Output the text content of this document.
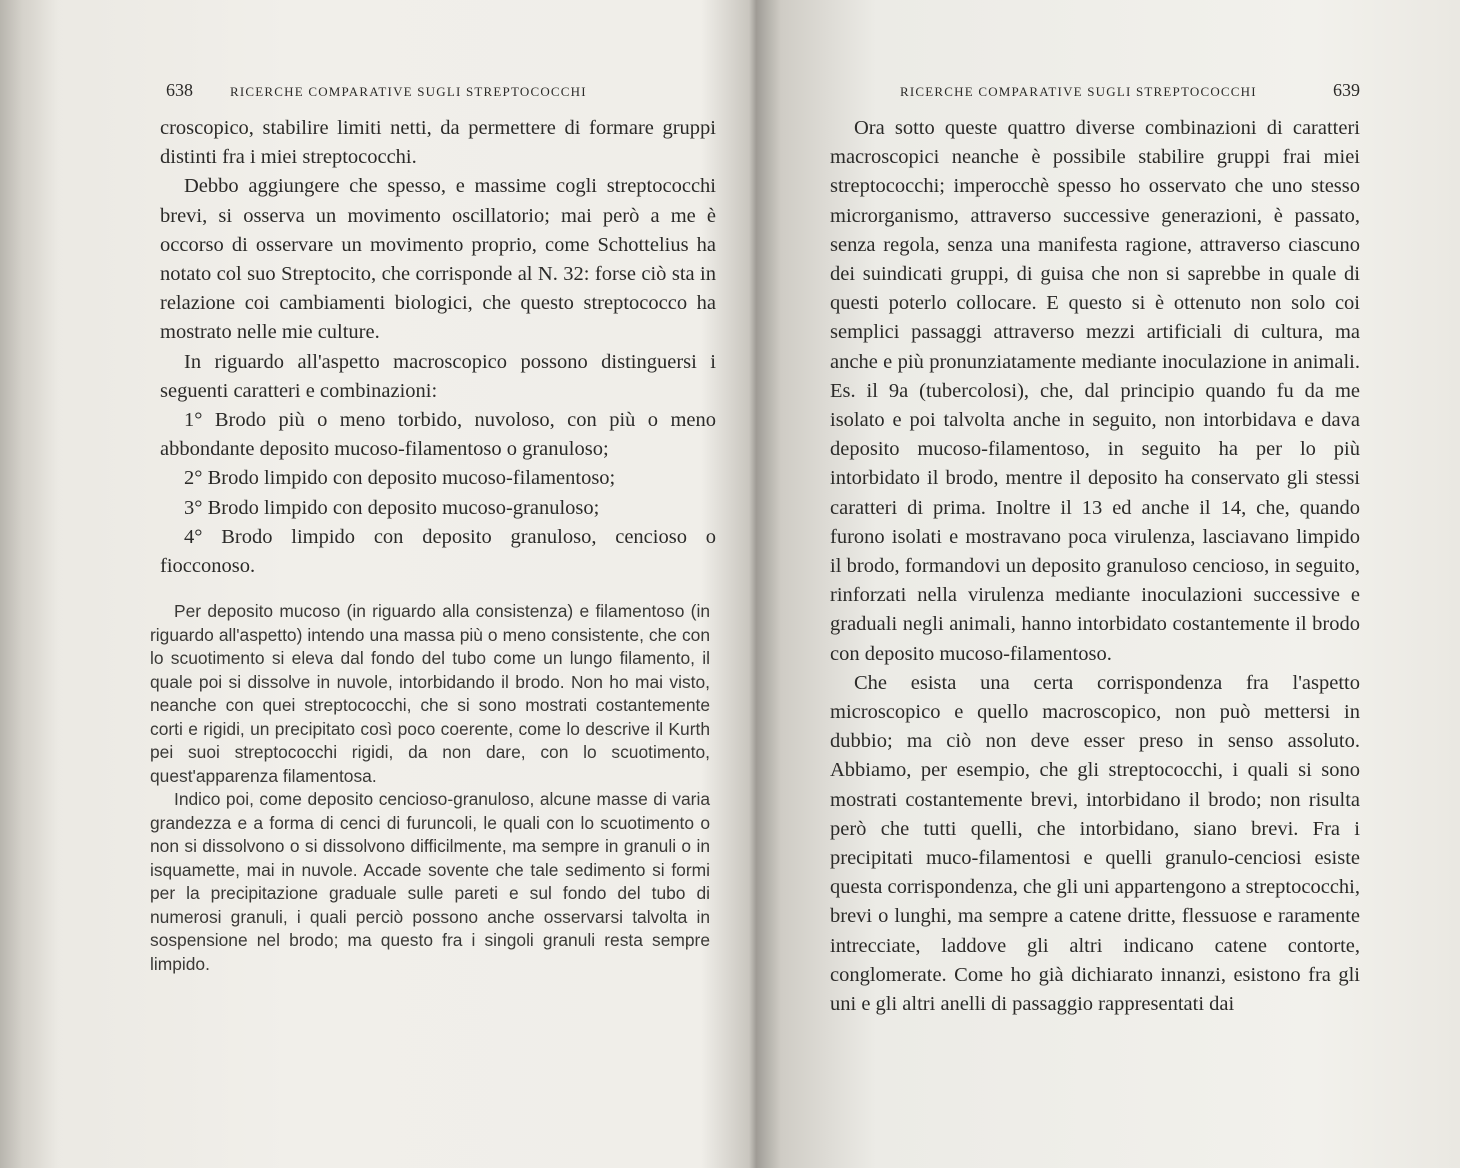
638	RICERCHE COMPARATIVE SUGLI STREPTOCOCCHI

croscopico, stabilire limiti netti, da permettere di formare gruppi distinti fra i miei streptococchi.

Debbo aggiungere che spesso, e massime cogli streptococchi brevi, si osserva un movimento oscillatorio; mai però a me è occorso di osservare un movimento proprio, come Schottelius ha notato col suo Streptocito, che corrisponde al N. 32: forse ciò sta in relazione coi cambiamenti biologici, che questo streptococco ha mostrato nelle mie culture.

In riguardo all'aspetto macroscopico possono distinguersi i seguenti caratteri e combinazioni:

1° Brodo più o meno torbido, nuvoloso, con più o meno abbondante deposito mucoso-filamentoso o granuloso;

2° Brodo limpido con deposito mucoso-filamentoso;

3° Brodo limpido con deposito mucoso-granuloso;

4° Brodo limpido con deposito granuloso, cencioso o fiocconoso.

Per deposito mucoso (in riguardo alla consistenza) e filamentoso (in riguardo all'aspetto) intendo una massa più o meno consistente, che con lo scuotimento si eleva dal fondo del tubo come un lungo filamento, il quale poi si dissolve in nuvole, intorbidando il brodo. Non ho mai visto, neanche con quei streptococchi, che si sono mostrati costantemente corti e rigidi, un precipitato così poco coerente, come lo descrive il Kurth pei suoi streptococchi rigidi, da non dare, con lo scuotimento, quest'apparenza filamentosa.

Indico poi, come deposito cencioso-granuloso, alcune masse di varia grandezza e a forma di cenci di furuncoli, le quali con lo scuotimento o non si dissolvono o si dissolvono difficilmente, ma sempre in granuli o in isquamette, mai in nuvole. Accade sovente che tale sedimento si formi per la precipitazione graduale sulle pareti e sul fondo del tubo di numerosi granuli, i quali perciò possono anche osservarsi talvolta in sospensione nel brodo; ma questo fra i singoli granuli resta sempre limpido.

RICERCHE COMPARATIVE SUGLI STREPTOCOCCHI	639

Ora sotto queste quattro diverse combinazioni di caratteri macroscopici neanche è possibile stabilire gruppi frai miei streptococchi; imperocchè spesso ho osservato che uno stesso microrganismo, attraverso successive generazioni, è passato, senza regola, senza una manifesta ragione, attraverso ciascuno dei suindicati gruppi, di guisa che non si saprebbe in quale di questi poterlo collocare. E questo si è ottenuto non solo coi semplici passaggi attraverso mezzi artificiali di cultura, ma anche e più pronunziatamente mediante inoculazione in animali. Es. il 9a (tubercolosi), che, dal principio quando fu da me isolato e poi talvolta anche in seguito, non intorbidava e dava deposito mucoso-filamentoso, in seguito ha per lo più intorbidato il brodo, mentre il deposito ha conservato gli stessi caratteri di prima. Inoltre il 13 ed anche il 14, che, quando furono isolati e mostravano poca virulenza, lasciavano limpido il brodo, formandovi un deposito granuloso cencioso, in seguito, rinforzati nella virulenza mediante inoculazioni successive e graduali negli animali, hanno intorbidato costantemente il brodo con deposito mucoso-filamentoso.

Che esista una certa corrispondenza fra l'aspetto microscopico e quello macroscopico, non può mettersi in dubbio; ma ciò non deve esser preso in senso assoluto. Abbiamo, per esempio, che gli streptococchi, i quali si sono mostrati costantemente brevi, intorbidano il brodo; non risulta però che tutti quelli, che intorbidano, siano brevi. Fra i precipitati muco-filamentosi e quelli granulo-cenciosi esiste questa corrispondenza, che gli uni appartengono a streptococchi, brevi o lunghi, ma sempre a catene dritte, flessuose e raramente intrecciate, laddove gli altri indicano catene contorte, conglomerate. Come ho già dichiarato innanzi, esistono fra gli uni e gli altri anelli di passaggio rappresentati dai
